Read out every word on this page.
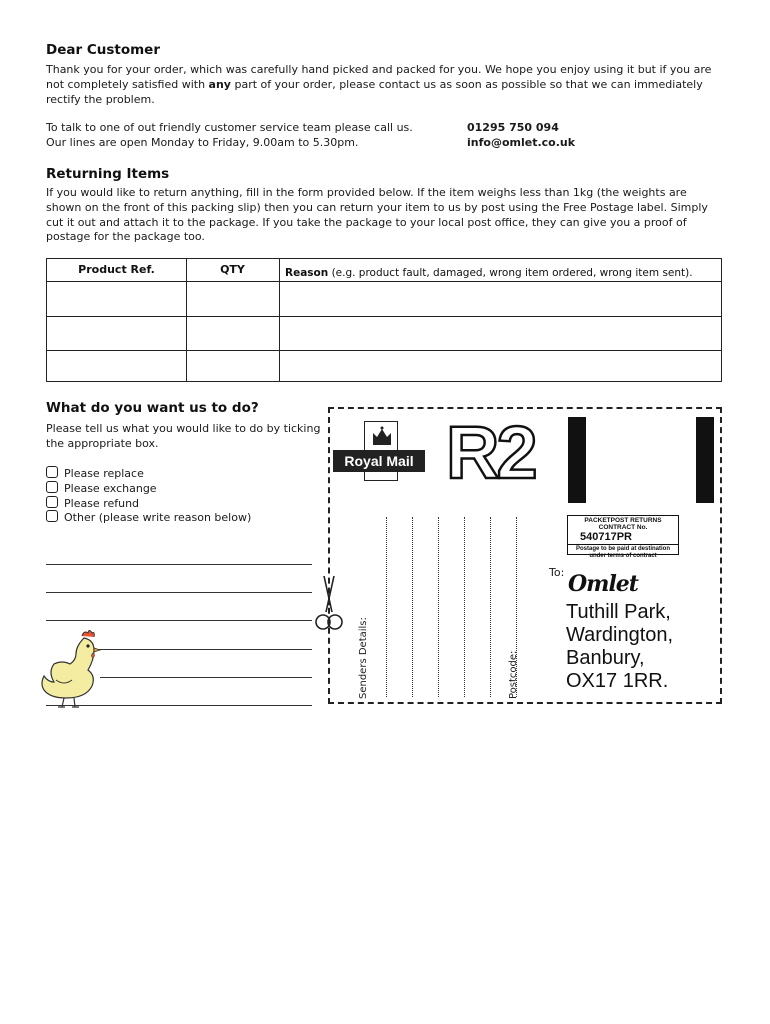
Dear Customer
Thank you for your order, which was carefully hand picked and packed for you. We hope you enjoy using it but if you are not completely satisfied with any part of your order, please contact us as soon as possible so that we can immediately rectify the problem.
To talk to one of out friendly customer service team please call us.
Our lines are open Monday to Friday, 9.00am to 5.30pm.
01295 750 094
info@omlet.co.uk
Returning Items
If you would like to return anything, fill in the form provided below. If the item weighs less than 1kg (the weights are shown on the front of this packing slip) then you can return your item to us by post using the Free Postage label. Simply cut it out and attach it to the package. If you take the package to your local post office, they can give you a proof of postage for the package too.
Product Ref.	QTY	Reason (e.g. product fault, damaged, wrong item ordered, wrong item sent).
What do you want us to do?
Please tell us what you would like to do by ticking the appropriate box.
Please replace
Please exchange
Please refund
Other (please write reason below)
Royal Mail R2
PACKETPOST RETURNS CONTRACT No.
540717PR
Postage to be paid at destination under terms of contract
Senders Details:	Postcode:
To: Omlet
Tuthill Park,
Wardington,
Banbury,
OX17 1RR.
